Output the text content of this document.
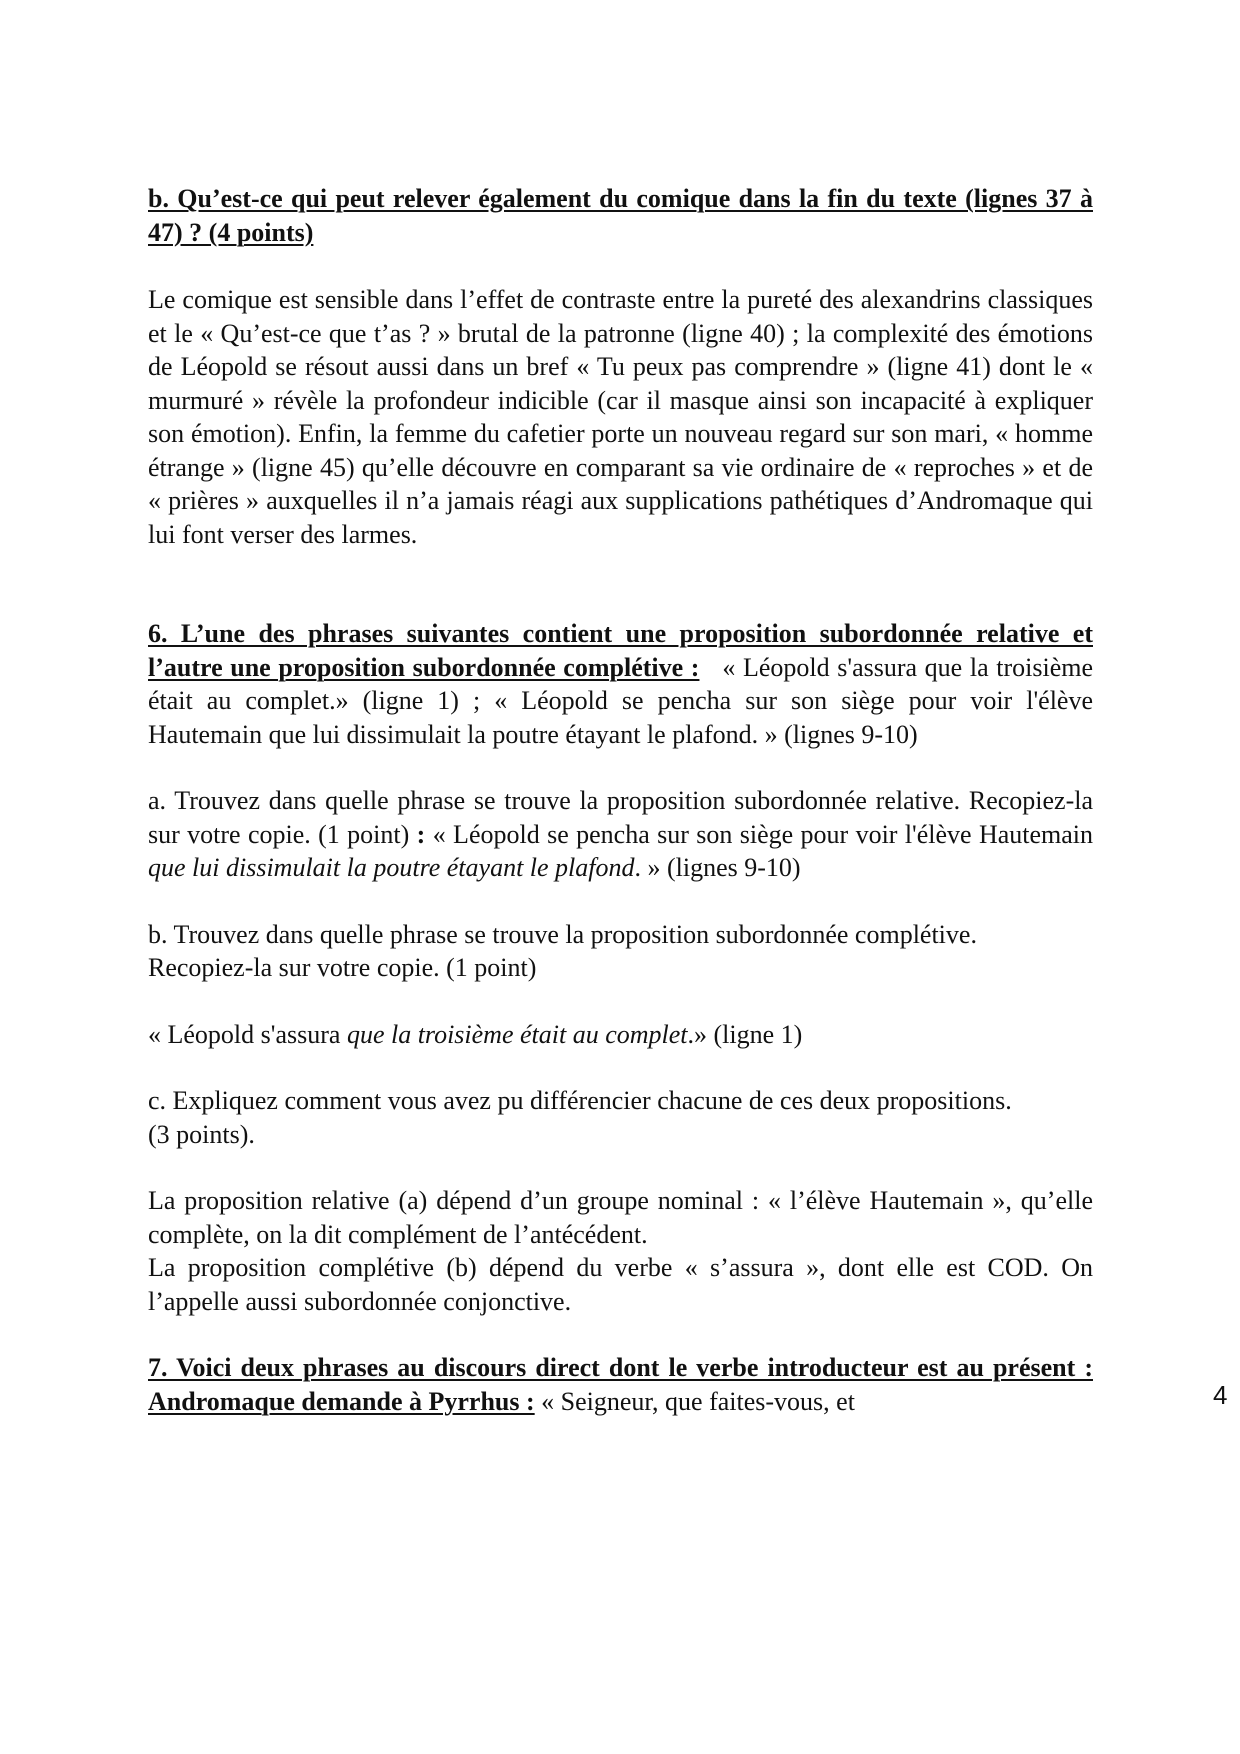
b. Qu’est-ce qui peut relever également du comique dans la fin du texte (lignes 37 à 47) ? (4 points)

Le comique est sensible dans l’effet de contraste entre la pureté des alexandrins classiques et le « Qu’est-ce que t’as ? » brutal de la patronne (ligne 40) ; la complexité des émotions de Léopold se résout aussi dans un bref « Tu peux pas comprendre » (ligne 41) dont le « murmuré » révèle la profondeur indicible (car il masque ainsi son incapacité à expliquer son émotion). Enfin, la femme du cafetier porte un nouveau regard sur son mari, « homme étrange » (ligne 45) qu’elle découvre en comparant sa vie ordinaire de « reproches » et de « prières » auxquelles il n’a jamais réagi aux supplications pathétiques d’Andromaque qui lui font verser des larmes.

6. L’une des phrases suivantes contient une proposition subordonnée relative et l’autre une proposition subordonnée complétive : « Léopold s'assura que la troisième était au complet.» (ligne 1) ; « Léopold se pencha sur son siège pour voir l'élève Hautemain que lui dissimulait la poutre étayant le plafond. » (lignes 9-10)

a. Trouvez dans quelle phrase se trouve la proposition subordonnée relative. Recopiez-la sur votre copie. (1 point) : « Léopold se pencha sur son siège pour voir l'élève Hautemain que lui dissimulait la poutre étayant le plafond. » (lignes 9-10)

b. Trouvez dans quelle phrase se trouve la proposition subordonnée complétive.
Recopiez-la sur votre copie. (1 point)

« Léopold s'assura que la troisième était au complet.» (ligne 1)

c. Expliquez comment vous avez pu différencier chacune de ces deux propositions.

(3 points).

La proposition relative (a) dépend d’un groupe nominal : « l’élève Hautemain », qu’elle complète, on la dit complément de l’antécédent.

La proposition complétive (b) dépend du verbe « s’assura », dont elle est COD. On l’appelle aussi subordonnée conjonctive.

7. Voici deux phrases au discours direct dont le verbe introducteur est au présent : Andromaque demande à Pyrrhus : « Seigneur, que faites-vous, et	4
